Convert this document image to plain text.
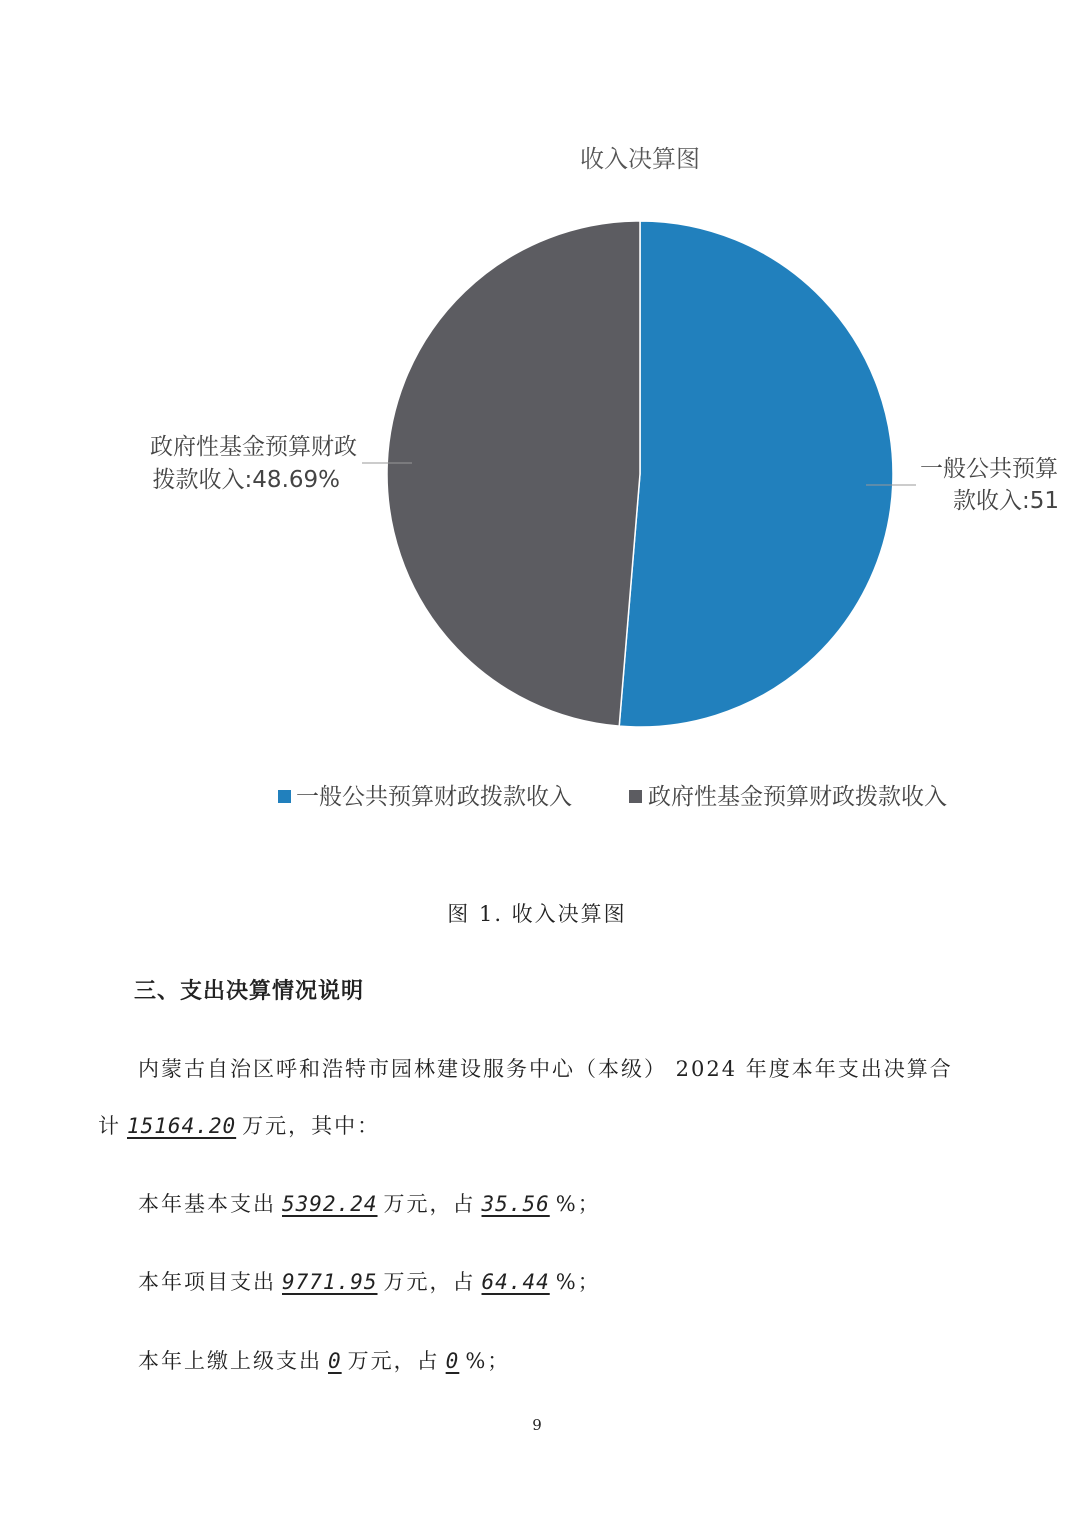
收入决算图
一般公共预算
款收入:51
政府性基金预算财政
拨款收入:48.69%
一般公共预算财政拨款收入	政府性基金预算财政拨款收入
图 1. 收入决算图
三、支出决算情况说明
内蒙古自治区呼和浩特市园林建设服务中心（本级） 2024 年度本年支出决算合
计 15164.20 万元，其中：
本年基本支出 5392.24 万元，占 35.56 %；
本年项目支出 9771.95 万元，占 64.44 %；
本年上缴上级支出 0 万元，占 0 %；
9
